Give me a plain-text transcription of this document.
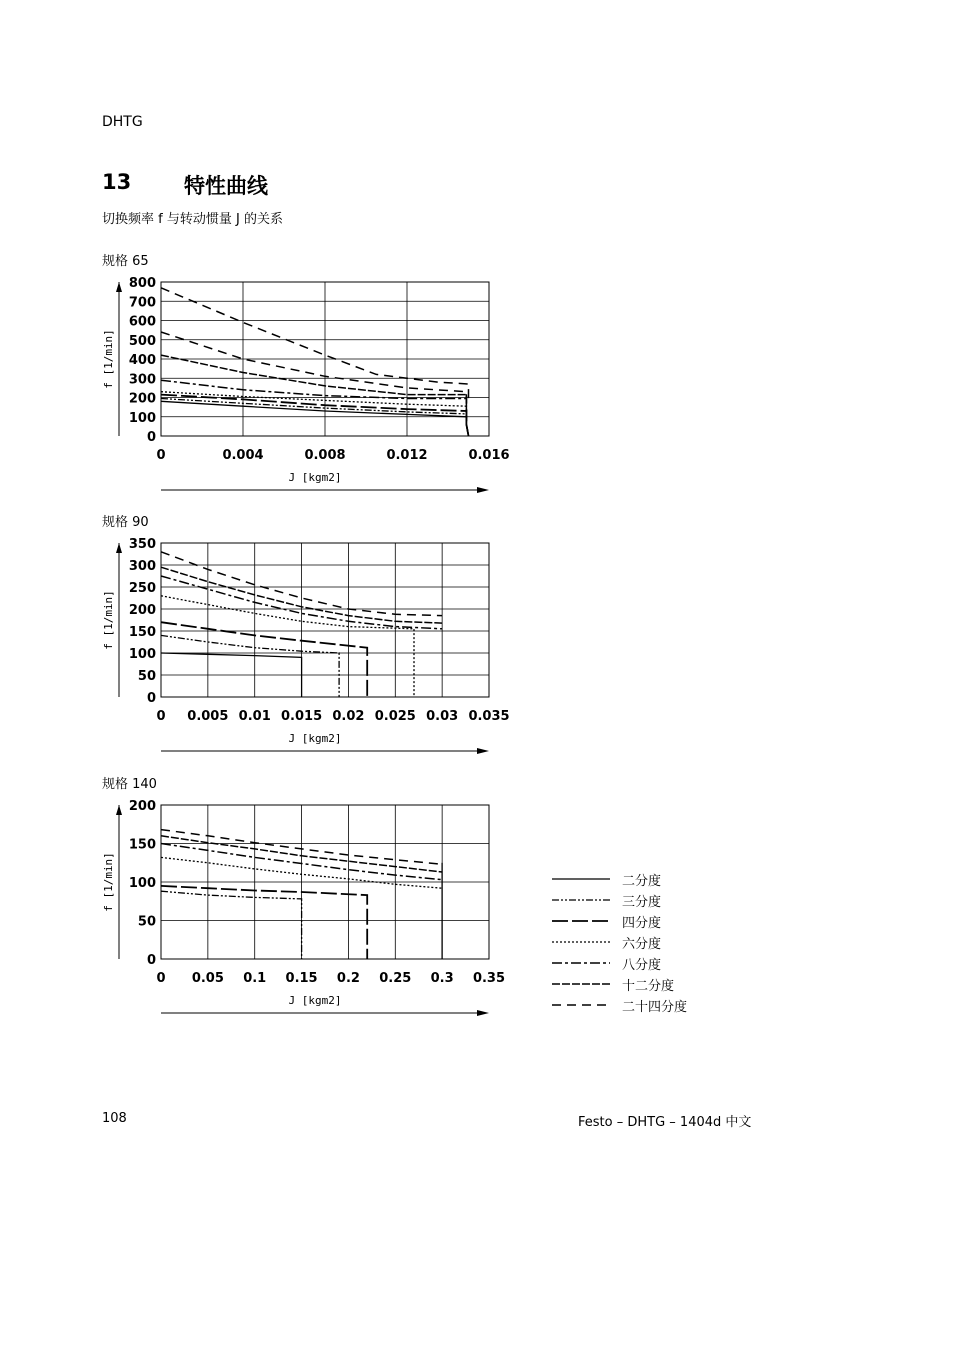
DHTG
13	特性曲线
切换频率 f 与转动惯量 J 的关系
规格 65
规格 90
规格 140
0
100
200
300
400
500
600
700
800
0	0.004	0.008	0.012	0.016
f [1/min]
J [kgm2]
0
50
100
150
200
250
300
350
0 0.005 0.01 0.015 0.02 0.025 0.03 0.035
f [1/min]
J [kgm2]
0
50
100
150
200
0 0.05 0.1 0.15 0.2 0.25 0.3 0.35
f [1/min]
J [kgm2]
二分度
三分度
四分度
六分度
八分度
十二分度
二十四分度
108	Festo – DHTG – 1404d 中文
